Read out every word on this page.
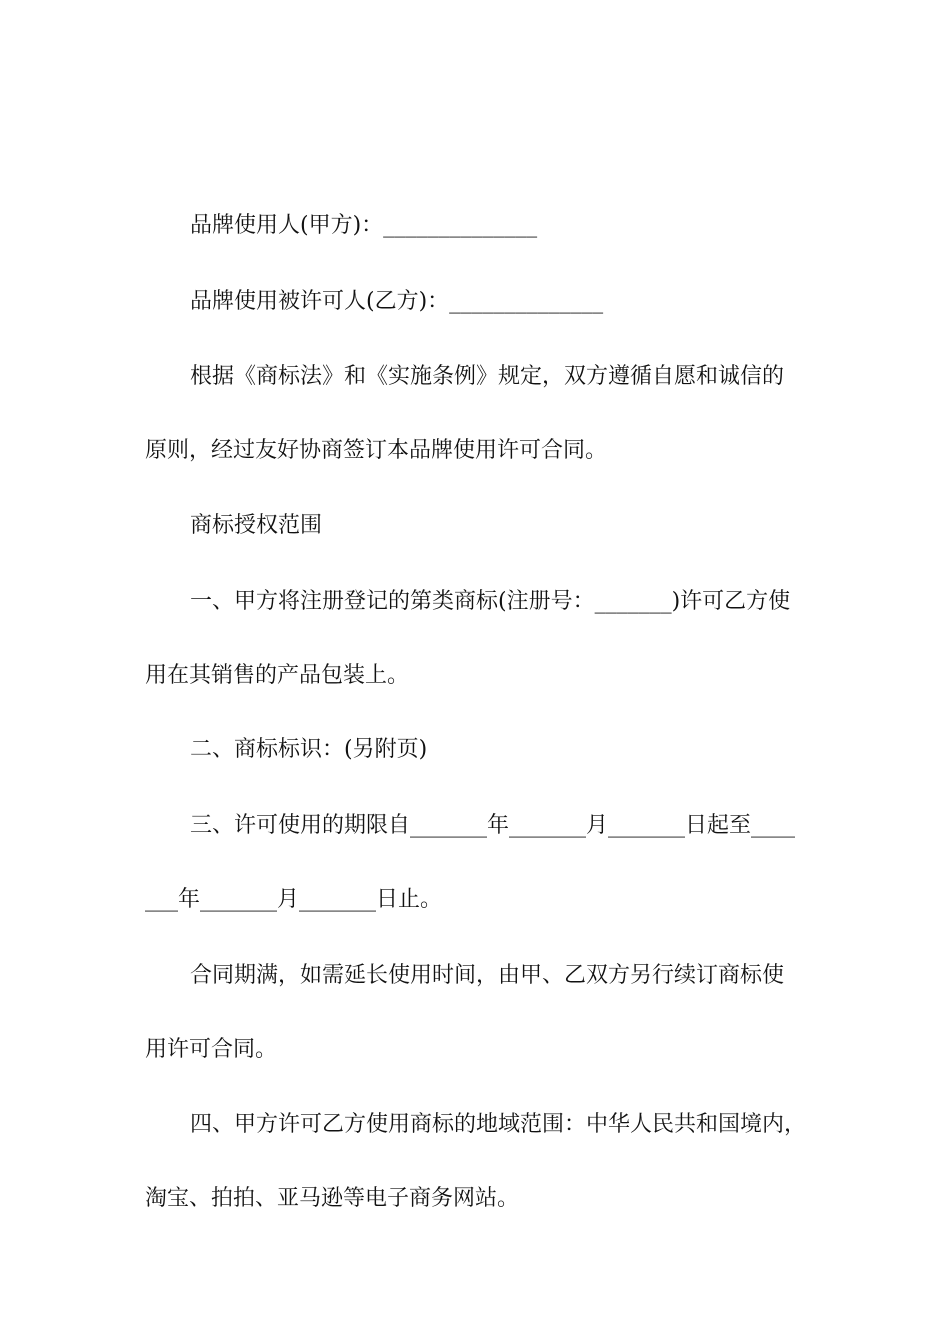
品牌使用人(甲方)：______________

品牌使用被许可人(乙方)：______________

根据《商标法》和《实施条例》规定，双方遵循自愿和诚信的

原则，经过友好协商签订本品牌使用许可合同。

商标授权范围

一、甲方将注册登记的第类商标(注册号：_______)许可乙方使

用在其销售的产品包装上。

二、商标标识：(另附页)

三、许可使用的期限自_______年_______月_______日起至____

___年_______月_______日止。

合同期满，如需延长使用时间，由甲、乙双方另行续订商标使

用许可合同。

四、甲方许可乙方使用商标的地域范围：中华人民共和国境内，

淘宝、拍拍、亚马逊等电子商务网站。
